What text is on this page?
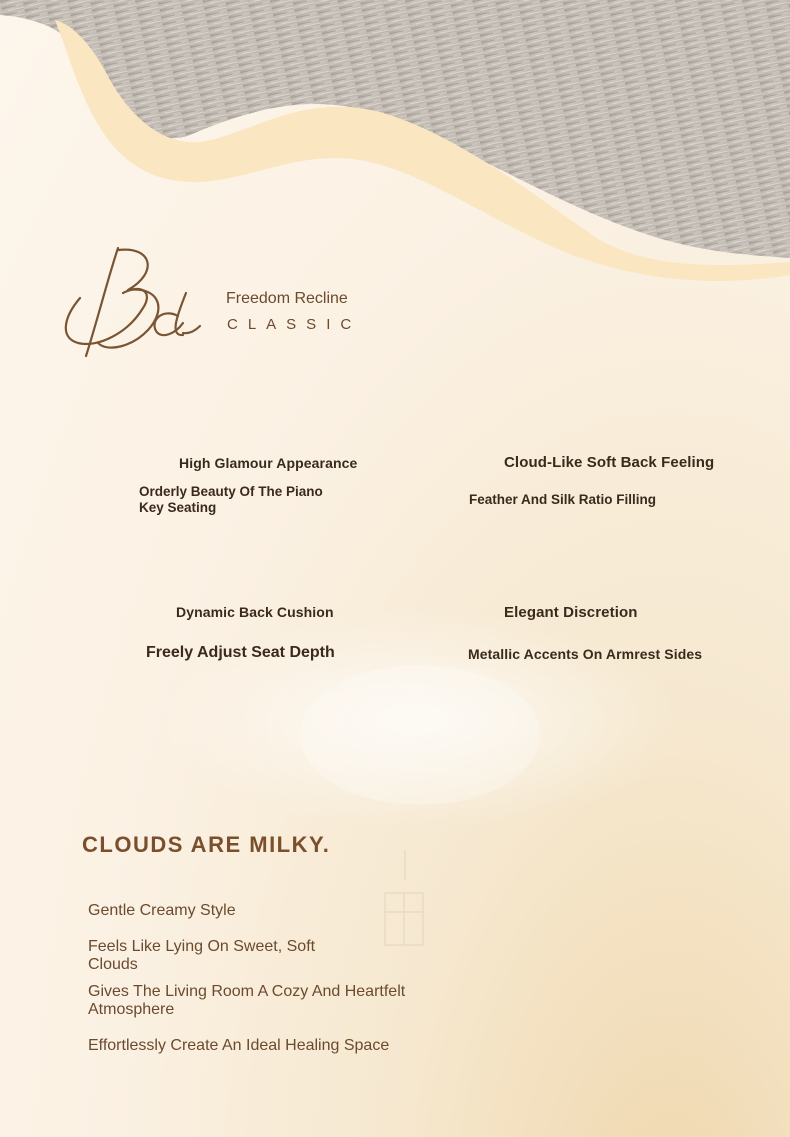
Freedom Recline
CLASSIC
High Glamour Appearance
Orderly Beauty Of The Piano Key Seating
Cloud-Like Soft Back Feeling
Feather And Silk Ratio Filling
Dynamic Back Cushion
Freely Adjust Seat Depth
Elegant Discretion
Metallic Accents On Armrest Sides
CLOUDS ARE MILKY.
Gentle Creamy Style
Feels Like Lying On Sweet, Soft Clouds
Gives The Living Room A Cozy And Heartfelt Atmosphere
Effortlessly Create An Ideal Healing Space
